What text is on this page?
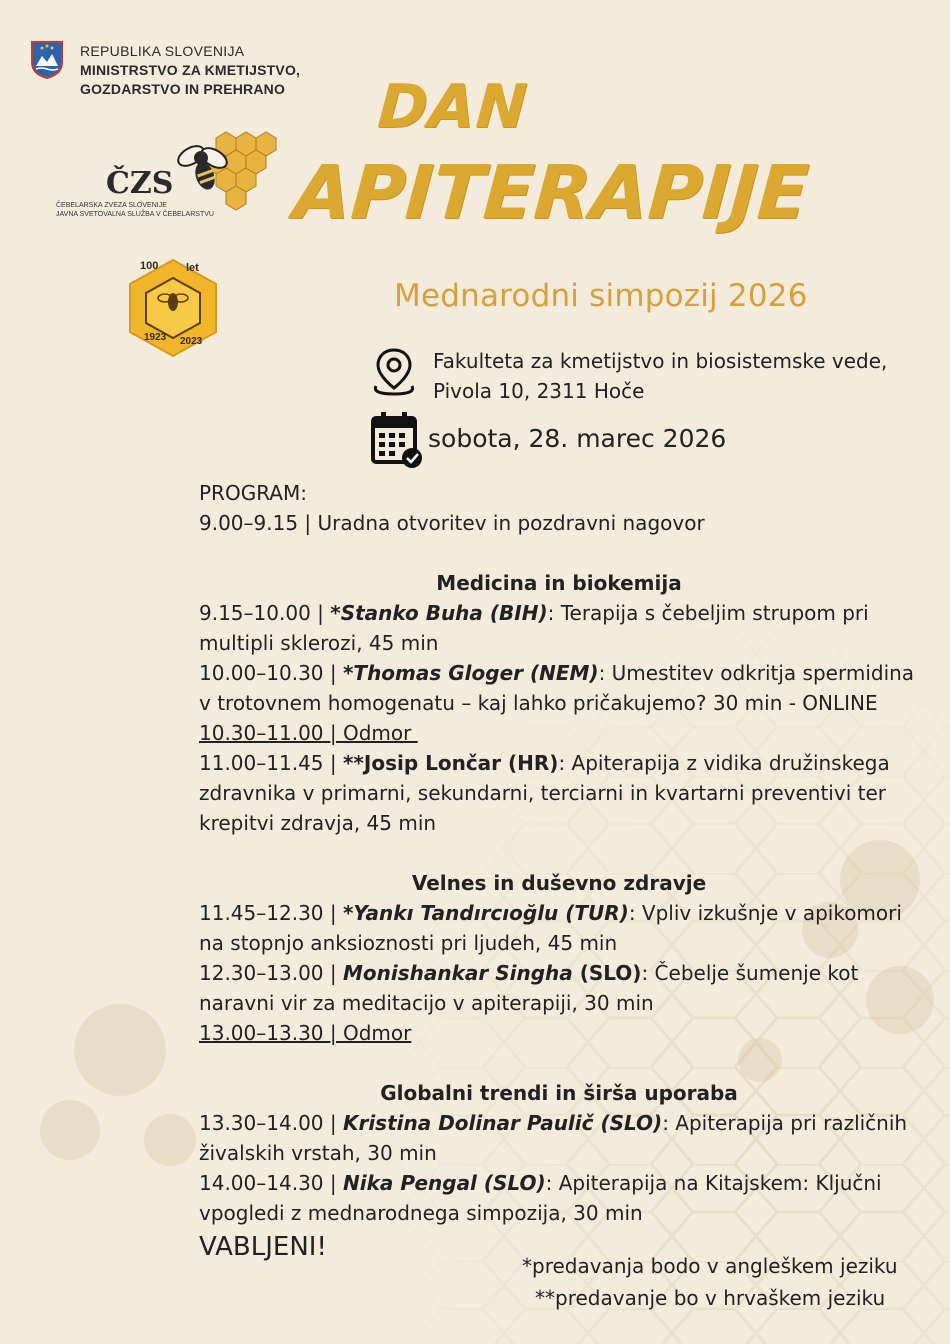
REPUBLIKA SLOVENIJA
MINISTRSTVO ZA KMETIJSTVO,
GOZDARSTVO IN PREHRANO
ČZS
ČEBELARSKA ZVEZA SLOVENIJE
JAVNA SVETOVALNA SLUŽBA V ČEBELARSTVU
100	let
1923 2023
DAN
APITERAPIJE
Mednarodni simpozij 2026
Fakulteta za kmetijstvo in biosistemske vede,
Pivola 10, 2311 Hoče
sobota, 28. marec 2026

PROGRAM:

9.00–9.15 | Uradna otvoritev in pozdravni nagovor

Medicina in biokemija

9.15–10.00 | *Stanko Buha (BIH): Terapija s čebeljim strupom pri multipli sklerozi, 45 min

10.00–10.30 | *Thomas Gloger (NEM): Umestitev odkritja spermidina v trotovnem homogenatu – kaj lahko pričakujemo? 30 min - ONLINE

10.30–11.00 | Odmor

11.00–11.45 | **Josip Lončar (HR): Apiterapija z vidika družinskega zdravnika v primarni, sekundarni, terciarni in kvartarni preventivi ter krepitvi zdravja, 45 min

Velnes in duševno zdravje

11.45–12.30 | *Yankı Tandırcıoğlu (TUR): Vpliv izkušnje v apikomori na stopnjo anksioznosti pri ljudeh, 45 min

12.30–13.00 | Monishankar Singha (SLO): Čebelje šumenje kot naravni vir za meditacijo v apiterapiji, 30 min

13.00–13.30 | Odmor

Globalni trendi in širša uporaba

13.30–14.00 | Kristina Dolinar Paulič (SLO): Apiterapija pri različnih živalskih vrstah, 30 min

14.00–14.30 | Nika Pengal (SLO): Apiterapija na Kitajskem: Ključni vpogledi z mednarodnega simpozija, 30 min

VABLJENI!
*predavanja bodo v angleškem jeziku
**predavanje bo v hrvaškem jeziku
